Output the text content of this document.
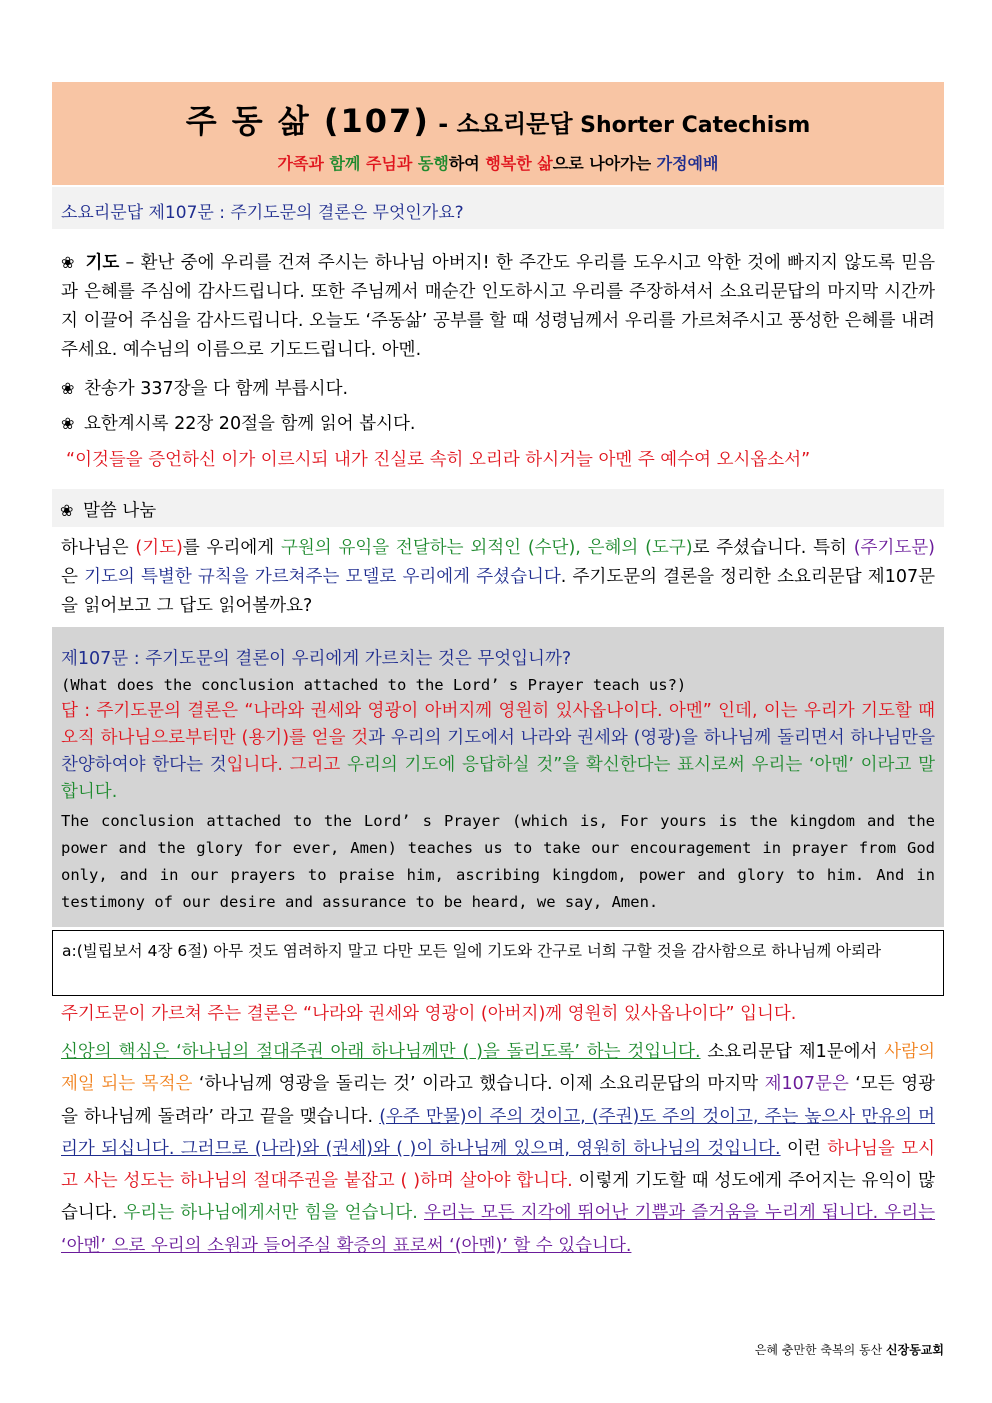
주 동 삶 (107) - 소요리문답 Shorter Catechism
가족과 함께 주님과 동행하여 행복한 삶으로 나아가는 가정예배
소요리문답 제107문 : 주기도문의 결론은 무엇인가요?
❀ 기도 – 환난 중에 우리를 건져 주시는 하나님 아버지! 한 주간도 우리를 도우시고 악한 것에 빠지지 않도록 믿음과 은혜를 주심에 감사드립니다. 또한 주님께서 매순간 인도하시고 우리를 주장하셔서 소요리문답의 마지막 시간까지 이끌어 주심을 감사드립니다. 오늘도 ‘주동삶’ 공부를 할 때 성령님께서 우리를 가르쳐주시고 풍성한 은혜를 내려주세요. 예수님의 이름으로 기도드립니다. 아멘.
❀ 찬송가 337장을 다 함께 부릅시다.
❀ 요한계시록 22장 20절을 함께 읽어 봅시다.
“이것들을 증언하신 이가 이르시되 내가 진실로 속히 오리라 하시거늘 아멘 주 예수여 오시옵소서”
❀ 말씀 나눔
하나님은 (기도)를 우리에게 구원의 유익을 전달하는 외적인 (수단), 은혜의 (도구)로 주셨습니다. 특히 (주기도문)은 기도의 특별한 규칙을 가르쳐주는 모델로 우리에게 주셨습니다. 주기도문의 결론을 정리한 소요리문답 제107문을 읽어보고 그 답도 읽어볼까요?
제107문 : 주기도문의 결론이 우리에게 가르치는 것은 무엇입니까?
(What does the conclusion attached to the Lord’ s Prayer teach us?)
답 : 주기도문의 결론은 “나라와 권세와 영광이 아버지께 영원히 있사옵나이다. 아멘” 인데, 이는 우리가 기도할 때 오직 하나님으로부터만 (용기)를 얻을 것과 우리의 기도에서 나라와 권세와 (영광)을 하나님께 돌리면서 하나님만을 찬양하여야 한다는 것입니다. 그리고 우리의 기도에 응답하실 것”을 확신한다는 표시로써 우리는 ‘아멘’ 이라고 말합니다.
The conclusion attached to the Lord’ s Prayer (which is, For yours is the kingdom and the power and the glory for ever, Amen) teaches us to take our encouragement in prayer from God only, and in our prayers to praise him, ascribing kingdom, power and glory to him. And in testimony of our desire and assurance to be heard, we say, Amen.
a:(빌립보서 4장 6절) 아무 것도 염려하지 말고 다만 모든 일에 기도와 간구로 너희 구할 것을 감사함으로 하나님께 아뢰라
주기도문이 가르쳐 주는 결론은 “나라와 권세와 영광이 (아버지)께 영원히 있사옵나이다” 입니다.
신앙의 핵심은 ‘하나님의 절대주권 아래 하나님께만 ( )을 돌리도록’ 하는 것입니다. 소요리문답 제1문에서 사람의 제일 되는 목적은 ‘하나님께 영광을 돌리는 것’ 이라고 했습니다. 이제 소요리문답의 마지막 제107문은 ‘모든 영광을 하나님께 돌려라’ 라고 끝을 맺습니다. (우주 만물)이 주의 것이고, (주권)도 주의 것이고, 주는 높으사 만유의 머리가 되십니다. 그러므로 (나라)와 (권세)와 ( )이 하나님께 있으며, 영원히 하나님의 것입니다. 이런 하나님을 모시고 사는 성도는 하나님의 절대주권을 붙잡고 ( )하며 살아야 합니다. 이렇게 기도할 때 성도에게 주어지는 유익이 많습니다. 우리는 하나님에게서만 힘을 얻습니다. 우리는 모든 지각에 뛰어난 기쁨과 즐거움을 누리게 됩니다. 우리는 ‘아멘’ 으로 우리의 소원과 들어주실 확증의 표로써 ‘(아멘)’ 할 수 있습니다.
은혜 충만한 축복의 동산 신장동교회
